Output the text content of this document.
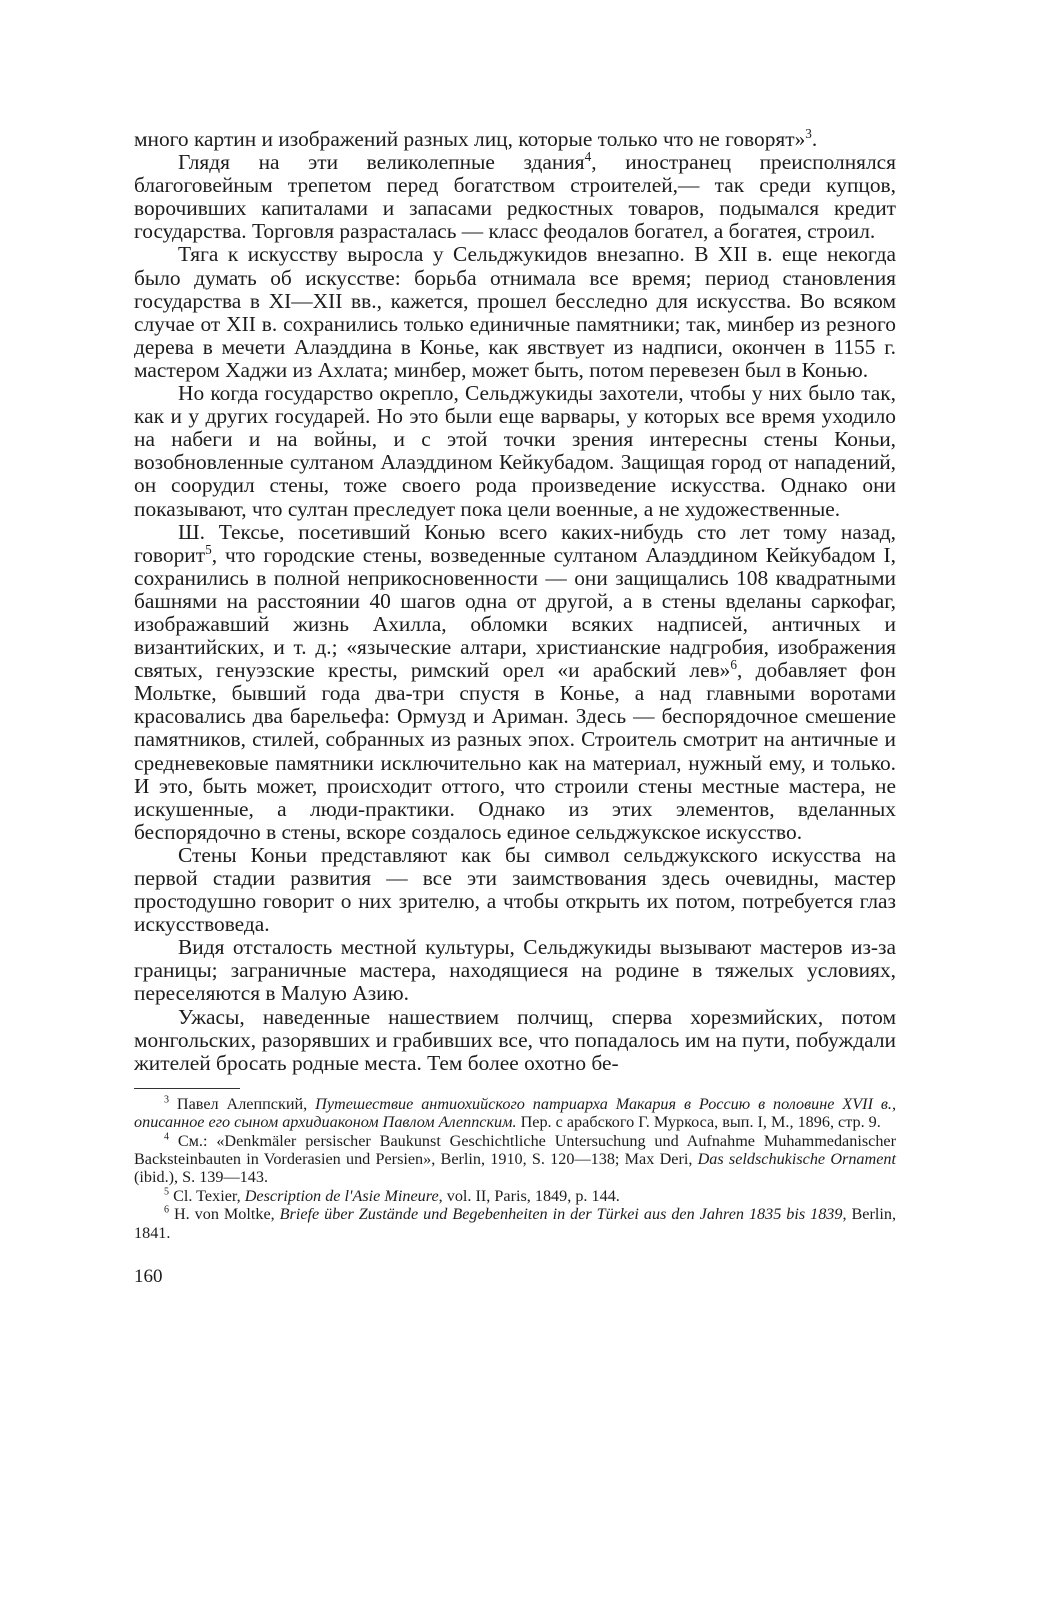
много картин и изображений разных лиц, которые только что не говорят»$^3$.

Глядя на эти великолепные здания$^4$, иностранец преисполнялся благоговейным трепетом перед богатством строителей,— так среди купцов, ворочивших капиталами и запасами редкостных товаров, подымался кредит государства. Торговля разрасталась — класс феодалов богател, а богатея, строил.

Тяга к искусству выросла у Сельджукидов внезапно. В XII в. еще некогда было думать об искусстве: борьба отнимала все время; период становления государства в XI—XII вв., кажется, прошел бесследно для искусства. Во всяком случае от XII в. сохранились только единичные памятники; так, минбер из резного дерева в мечети Алаэддина в Конье, как явствует из надписи, окончен в 1155 г. мастером Хаджи из Ахлата; минбер, может быть, потом перевезен был в Конью.

Но когда государство окрепло, Сельджукиды захотели, чтобы у них было так, как и у других государей. Но это были еще варвары, у которых все время уходило на набеги и на войны, и с этой точки зрения интересны стены Коньи, возобновленные султаном Алаэддином Кейкубадом. Защищая город от нападений, он соорудил стены, тоже своего рода произведение искусства. Однако они показывают, что султан преследует пока цели военные, а не художественные.

Ш. Тексье, посетивший Конью всего каких-нибудь сто лет тому назад, говорит$^5$, что городские стены, возведенные султаном Алаэддином Кейкубадом I, сохранились в полной неприкосновенности — они защищались 108 квадратными башнями на расстоянии 40 шагов одна от другой, а в стены вделаны саркофаг, изображавший жизнь Ахилла, обломки всяких надписей, античных и византийских, и т. д.; «языческие алтари, христианские надгробия, изображения святых, генуэзские кресты, римский орел «и арабский лев»$^6$, добавляет фон Мольтке, бывший года два-три спустя в Конье, а над главными воротами красовались два барельефа: Ормузд и Ариман. Здесь — беспорядочное смешение памятников, стилей, собранных из разных эпох. Строитель смотрит на античные и средневековые памятники исключительно как на материал, нужный ему, и только. И это, быть может, происходит оттого, что строили стены местные мастера, не искушенные, а люди-практики. Однако из этих элементов, вделанных беспорядочно в стены, вскоре создалось единое сельджукское искусство.

Стены Коньи представляют как бы символ сельджукского искусства на первой стадии развития — все эти заимствования здесь очевидны, мастер простодушно говорит о них зрителю, а чтобы открыть их потом, потребуется глаз искусствоведа.

Видя отсталость местной культуры, Сельджукиды вызывают мастеров из-за границы; заграничные мастера, находящиеся на родине в тяжелых условиях, переселяются в Малую Азию.

Ужасы, наведенные нашествием полчищ, сперва хорезмийских, потом монгольских, разорявших и грабивших все, что попадалось им на пути, побуждали жителей бросать родные места. Тем более охотно бе-

$^3$ Павел Алеппский, Путешествие антиохийского патриарха Макария в Россию в половине XVII в., описанное его сыном архидиаконом Павлом Алеппским. Пер. с арабского Г. Муркоса, вып. I, М., 1896, стр. 9.

$^4$ См.: «Denkmäler persischer Baukunst Geschichtliche Untersuchung und Aufnahme Muhammedanischer Backsteinbauten in Vorderasien und Persien», Berlin, 1910, S. 120—138; Max Deri, Das seldschukische Ornament (ibid.), S. 139—143.

$^5$ Cl. Texier, Description de l'Asie Mineure, vol. II, Paris, 1849, p. 144.

$^6$ H. von Moltke, Briefe über Zustände und Begebenheiten in der Türkei aus den Jahren 1835 bis 1839, Berlin, 1841.

160
